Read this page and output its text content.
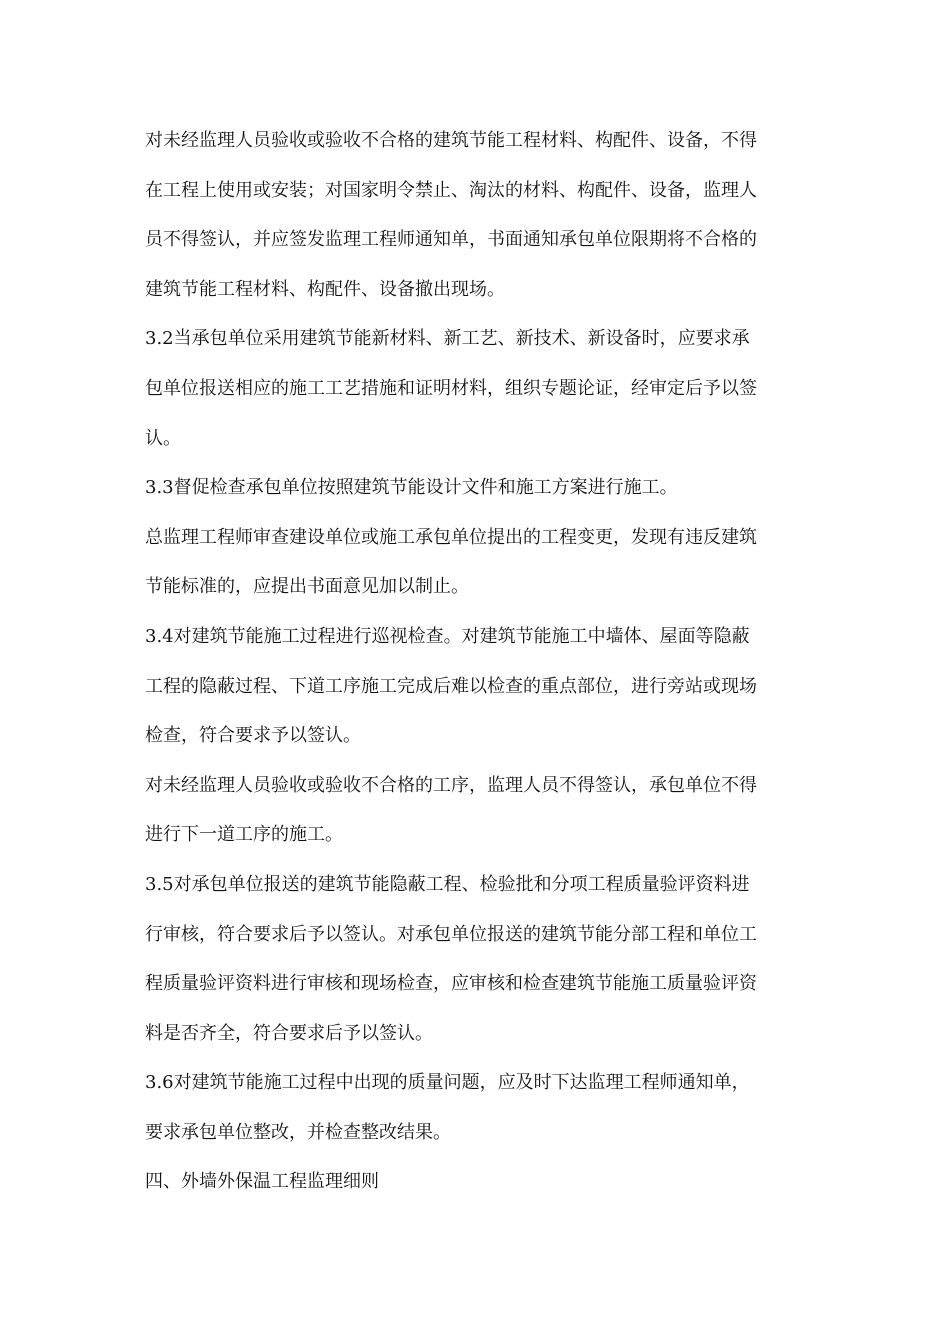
对未经监理人员验收或验收不合格的建筑节能工程材料、构配件、设备，不得
在工程上使用或安装；对国家明令禁止、淘汰的材料、构配件、设备，监理人
员不得签认，并应签发监理工程师通知单，书面通知承包单位限期将不合格的
建筑节能工程材料、构配件、设备撤出现场。

3.2当承包单位采用建筑节能新材料、新工艺、新技术、新设备时，应要求承
包单位报送相应的施工工艺措施和证明材料，组织专题论证，经审定后予以签
认。

3.3督促检查承包单位按照建筑节能设计文件和施工方案进行施工。

总监理工程师审查建设单位或施工承包单位提出的工程变更，发现有违反建筑
节能标准的，应提出书面意见加以制止。

3.4对建筑节能施工过程进行巡视检查。对建筑节能施工中墙体、屋面等隐蔽
工程的隐蔽过程、下道工序施工完成后难以检查的重点部位，进行旁站或现场
检查，符合要求予以签认。

对未经监理人员验收或验收不合格的工序，监理人员不得签认，承包单位不得
进行下一道工序的施工。

3.5对承包单位报送的建筑节能隐蔽工程、检验批和分项工程质量验评资料进
行审核，符合要求后予以签认。对承包单位报送的建筑节能分部工程和单位工
程质量验评资料进行审核和现场检查，应审核和检查建筑节能施工质量验评资
料是否齐全，符合要求后予以签认。

3.6对建筑节能施工过程中出现的质量问题，应及时下达监理工程师通知单，
要求承包单位整改，并检查整改结果。

四、外墙外保温工程监理细则
